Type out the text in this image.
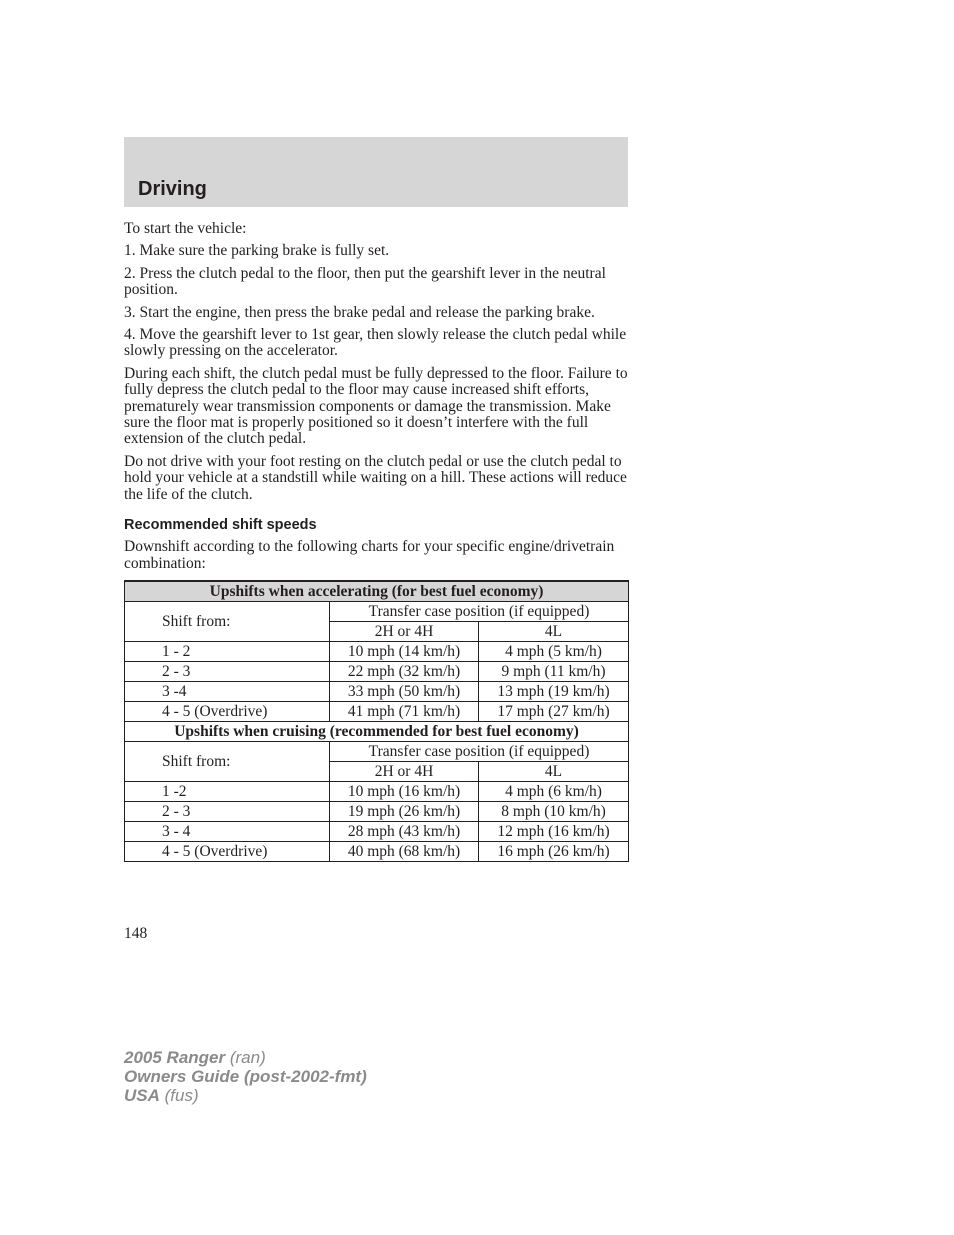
Driving

To start the vehicle:

1. Make sure the parking brake is fully set.

2. Press the clutch pedal to the floor, then put the gearshift lever in the neutral position.

3. Start the engine, then press the brake pedal and release the parking brake.

4. Move the gearshift lever to 1st gear, then slowly release the clutch pedal while slowly pressing on the accelerator.

During each shift, the clutch pedal must be fully depressed to the floor. Failure to fully depress the clutch pedal to the floor may cause increased shift efforts, prematurely wear transmission components or damage the transmission. Make sure the floor mat is properly positioned so it doesn’t interfere with the full extension of the clutch pedal.

Do not drive with your foot resting on the clutch pedal or use the clutch pedal to hold your vehicle at a standstill while waiting on a hill. These actions will reduce the life of the clutch.

Recommended shift speeds

Downshift according to the following charts for your specific engine/drivetrain combination:

Upshifts when accelerating (for best fuel economy)		
Shift from:	Transfer case position (if equipped)	
	2H or 4H	4L
1 - 2	10 mph (14 km/h)	4 mph (5 km/h)
2 - 3	22 mph (32 km/h)	9 mph (11 km/h)
3 -4	33 mph (50 km/h)	13 mph (19 km/h)
4 - 5 (Overdrive)	41 mph (71 km/h)	17 mph (27 km/h)
Upshifts when cruising (recommended for best fuel economy)		
Shift from:	Transfer case position (if equipped)	
	2H or 4H	4L
1 -2	10 mph (16 km/h)	4 mph (6 km/h)
2 - 3	19 mph (26 km/h)	8 mph (10 km/h)
3 - 4	28 mph (43 km/h)	12 mph (16 km/h)
4 - 5 (Overdrive)	40 mph (68 km/h)	16 mph (26 km/h)
148
2005 Ranger (ran)
Owners Guide (post-2002-fmt)
USA (fus)
